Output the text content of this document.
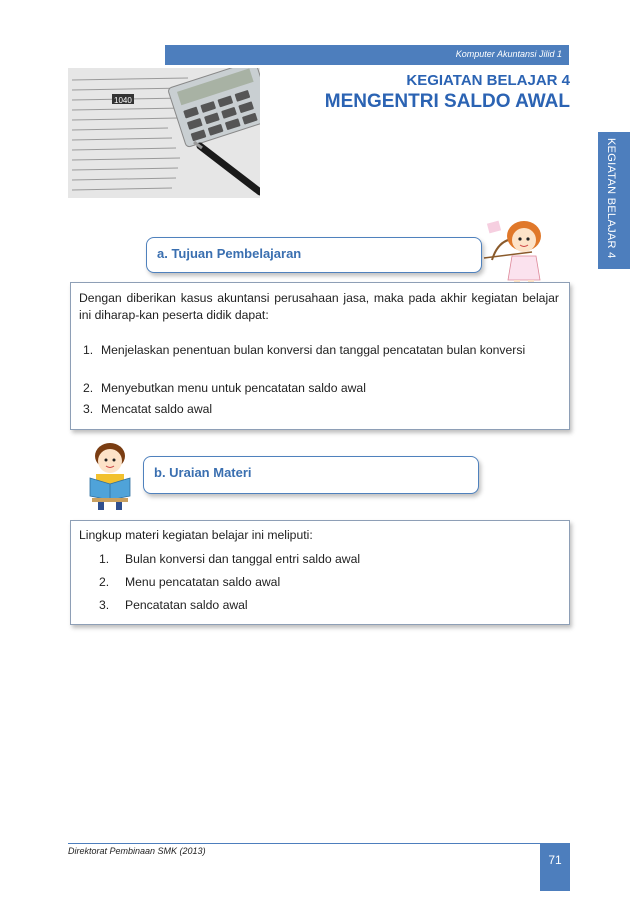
Komputer Akuntansi Jilid 1
KEGIATAN BELAJAR 4
MENGENTRI SALDO AWAL
KEGIATAN BELAJAR 4
1040
a. Tujuan Pembelajaran
Dengan diberikan kasus akuntansi perusahaan jasa, maka pada akhir kegiatan belajar ini diharap-kan peserta didik dapat:
1. Menjelaskan penentuan bulan konversi dan tanggal pencatatan bulan konversi
2. Menyebutkan menu untuk pencatatan saldo awal
3. Mencatat saldo awal
b. Uraian Materi
Lingkup materi kegiatan belajar ini meliputi:
1. Bulan konversi dan tanggal entri saldo awal
2. Menu pencatatan saldo awal
3. Pencatatan saldo awal
Direktorat Pembinaan SMK (2013)
71
